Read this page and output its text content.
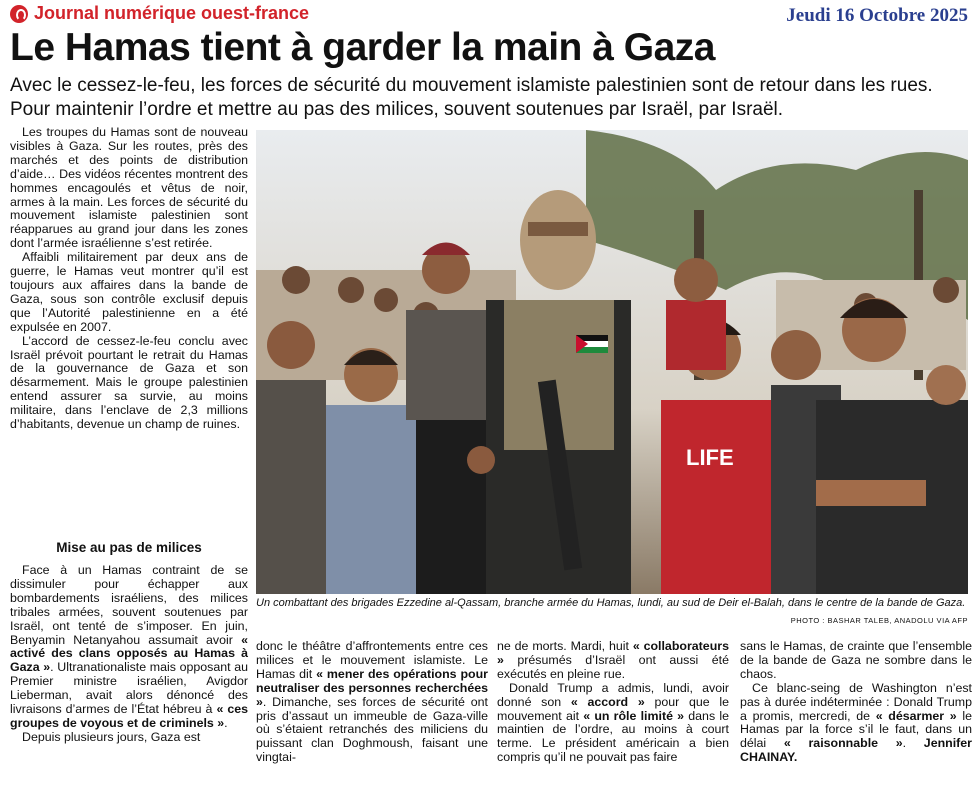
Journal numérique ouest-france	Jeudi 16 Octobre 2025
Le Hamas tient à garder la main à Gaza

Avec le cessez-le-feu, les forces de sécurité du mouvement islamiste palestinien sont de retour dans les rues. Pour maintenir l’ordre et mettre au pas des milices, souvent soutenues par Israël, par Israël.

Les troupes du Hamas sont de nouveau visibles à Gaza. Sur les routes, près des marchés et des points de distribution d’aide… Des vidéos récentes montrent des hommes encagoulés et vêtus de noir, armes à la main. Les forces de sécurité du mouvement islamiste palestinien sont réapparues au grand jour dans les zones dont l’armée israélienne s’est retirée.

Affaibli militairement par deux ans de guerre, le Hamas veut montrer qu’il est toujours aux affaires dans la bande de Gaza, sous son contrôle exclusif depuis que l’Autorité palestinienne en a été expulsée en 2007.

L’accord de cessez-le-feu conclu avec Israël prévoit pourtant le retrait du Hamas de la gouvernance de Gaza et son désarmement. Mais le groupe palestinien entend assurer sa survie, au moins militaire, dans l’enclave de 2,3 millions d’habitants, devenue un champ de ruines.

Mise au pas de milices

Face à un Hamas contraint de se dissimuler pour échapper aux bombardements israéliens, des milices tribales armées, souvent soutenues par Israël, ont tenté de s’imposer. En juin, Benyamin Netanyahou assumait avoir « activé des clans opposés au Hamas à Gaza ». Ultranationaliste mais opposant au Premier ministre israélien, Avigdor Lieberman, avait alors dénoncé des livraisons d’armes de l’État hébreu à « ces groupes de voyous et de criminels ».

Depuis plusieurs jours, Gaza est

LIFE
Un combattant des brigades Ezzedine al-Qassam, branche armée du Hamas, lundi, au sud de Deir el-Balah, dans le centre de la bande de Gaza.
PHOTO : BASHAR TALEB, ANADOLU VIA AFP

donc le théâtre d’affrontements entre ces milices et le mouvement islamiste. Le Hamas dit « mener des opérations pour neutraliser des personnes recherchées ». Dimanche, ses forces de sécurité ont pris d’assaut un immeuble de Gaza-ville où s’étaient retranchés des miliciens du puissant clan Doghmoush, faisant une vingtai-

ne de morts. Mardi, huit « collaborateurs » présumés d’Israël ont aussi été exécutés en pleine rue.

Donald Trump a admis, lundi, avoir donné son « accord » pour que le mouvement ait « un rôle limité » dans le maintien de l’ordre, au moins à court terme. Le président américain a bien compris qu’il ne pouvait pas faire

sans le Hamas, de crainte que l’ensemble de la bande de Gaza ne sombre dans le chaos.

Ce blanc-seing de Washington n’est pas à durée indéterminée : Donald Trump a promis, mercredi, de « désarmer » le Hamas par la force s’il le faut, dans un délai « raisonnable ». Jennifer CHAINAY.
